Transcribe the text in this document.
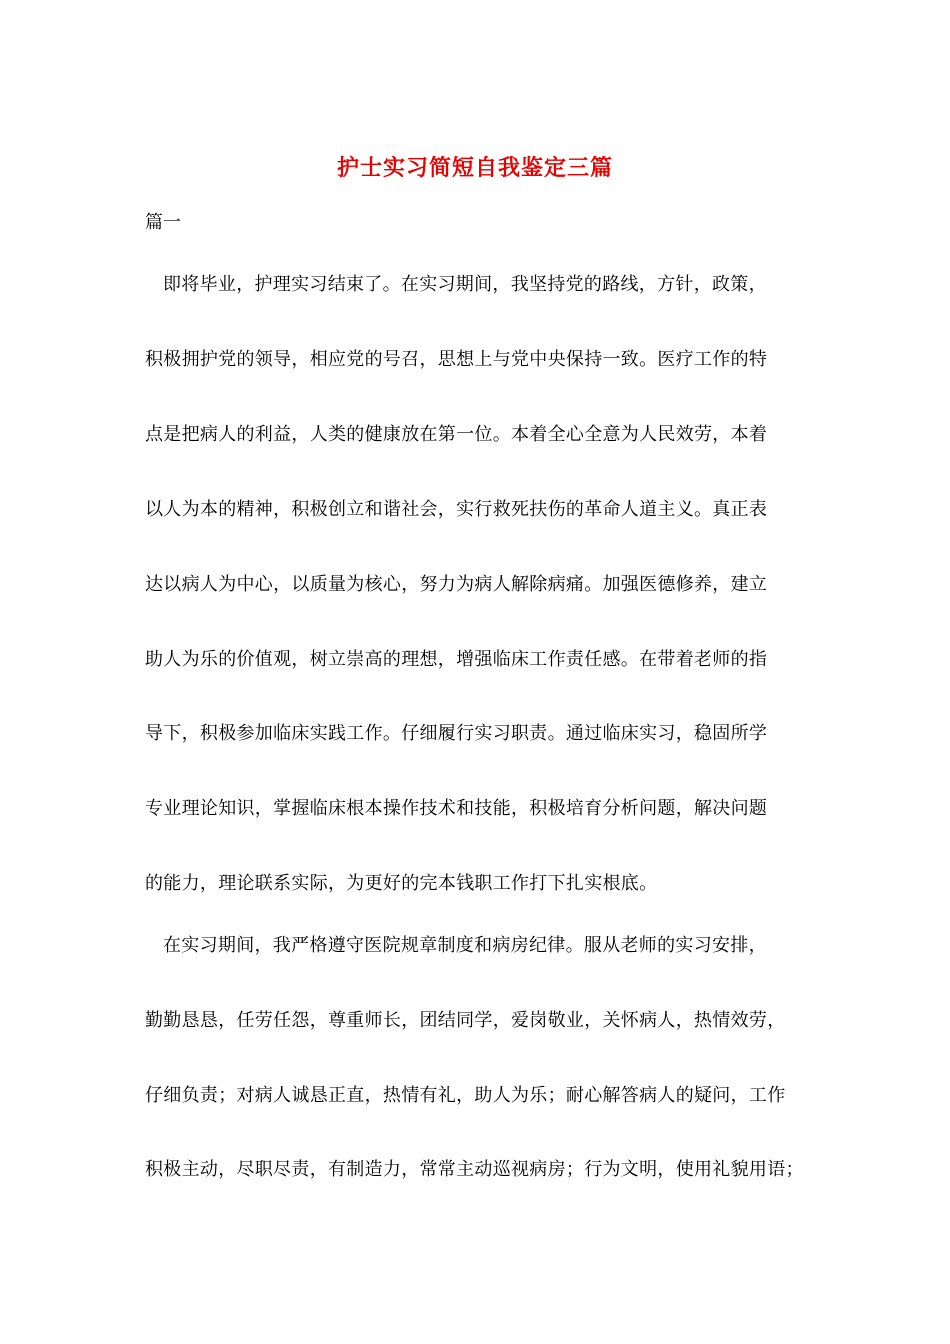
护士实习简短自我鉴定三篇
篇一
即将毕业，护理实习结束了。在实习期间，我坚持党的路线，方针，政策，
积极拥护党的领导，相应党的号召，思想上与党中央保持一致。医疗工作的特
点是把病人的利益，人类的健康放在第一位。本着全心全意为人民效劳，本着
以人为本的精神，积极创立和谐社会，实行救死扶伤的革命人道主义。真正表
达以病人为中心，以质量为核心，努力为病人解除病痛。加强医德修养，建立
助人为乐的价值观，树立崇高的理想，增强临床工作责任感。在带着老师的指
导下，积极参加临床实践工作。仔细履行实习职责。通过临床实习，稳固所学
专业理论知识，掌握临床根本操作技术和技能，积极培育分析问题，解决问题
的能力，理论联系实际，为更好的完本钱职工作打下扎实根底。
在实习期间，我严格遵守医院规章制度和病房纪律。服从老师的实习安排，
勤勤恳恳，任劳任怨，尊重师长，团结同学，爱岗敬业，关怀病人，热情效劳，
仔细负责；对病人诚恳正直，热情有礼，助人为乐；耐心解答病人的疑问，工作
积极主动，尽职尽责，有制造力，常常主动巡视病房；行为文明，使用礼貌用语；
